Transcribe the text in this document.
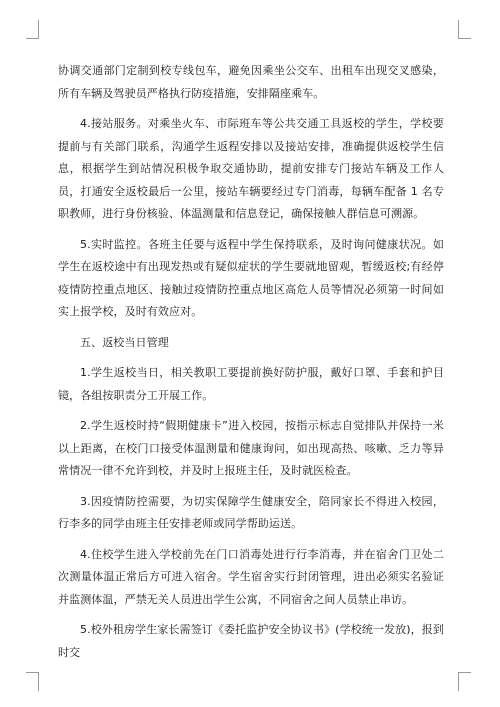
协调交通部门定制到校专线包车，避免因乘坐公交车、出租车出现交叉感染，所有车辆及驾驶员严格执行防疫措施，安排隔座乘车。

4.接站服务。对乘坐火车、市际班车等公共交通工具返校的学生，学校要提前与有关部门联系，沟通学生返程安排以及接站安排，准确提供返校学生信息，根据学生到站情况积极争取交通协助，提前安排专门接站车辆及工作人员，打通安全返校最后一公里，接站车辆要经过专门消毒，每辆车配备 1 名专职教师，进行身份核验、体温测量和信息登记，确保接触人群信息可溯源。

5.实时监控。各班主任要与返程中学生保持联系，及时询问健康状况。如学生在返校途中有出现发热或有疑似症状的学生要就地留观，暂缓返校;有经停疫情防控重点地区、接触过疫情防控重点地区高危人员等情况必须第一时间如实上报学校，及时有效应对。

五、返校当日管理

1.学生返校当日，相关教职工要提前换好防护服，戴好口罩、手套和护目镜，各组按职责分工开展工作。

2.学生返校时持“假期健康卡”进入校园，按指示标志自觉排队并保持一米以上距离，在校门口接受体温测量和健康询问，如出现高热、咳嗽、乏力等异常情况一律不允许到校，并及时上报班主任，及时就医检查。

3.因疫情防控需要，为切实保障学生健康安全，陪同家长不得进入校园，行李多的同学由班主任安排老师或同学帮助运送。

4.住校学生进入学校前先在门口消毒处进行行李消毒，并在宿舍门卫处二次测量体温正常后方可进入宿舍。学生宿舍实行封闭管理，进出必须实名验证并监测体温，严禁无关人员进出学生公寓，不同宿舍之间人员禁止串访。

5.校外租房学生家长需签订《委托监护安全协议书》(学校统一发放)，报到时交
